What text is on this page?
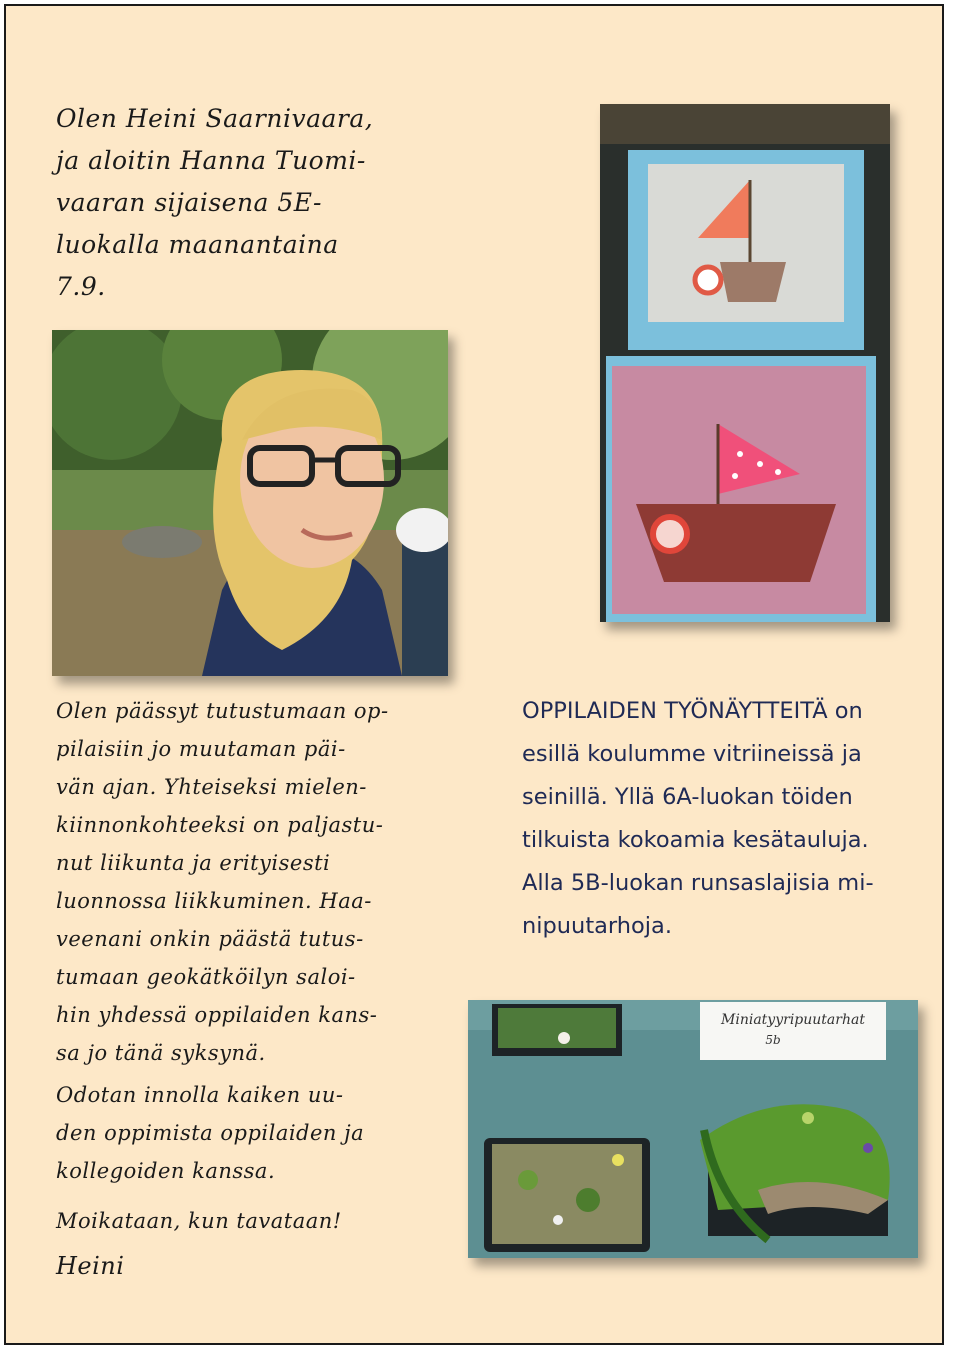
Olen Heini Saarnivaara,
ja aloitin Hanna Tuomi-
vaaran sijaisena 5E-
luokalla maanantaina
7.9.

Olen päässyt tutustumaan op-
pilaisiin jo muutaman päi-
vän ajan. Yhteiseksi mielen-
kiinnonkohteeksi on paljastu-
nut liikunta ja erityisesti
luonnossa liikkuminen. Haa-
veenani onkin päästä tutus-
tumaan geokätköilyn saloi-
hin yhdessä oppilaiden kans-
sa jo tänä syksynä.

Odotan innolla kaiken uu-
den oppimista oppilaiden ja
kollegoiden kanssa.

Moikataan, kun tavataan!

Heini

OPPILAIDEN TYÖNÄYTTEITÄ on
esillä koulumme vitriineissä ja
seinillä. Yllä 6A-luokan töiden
tilkuista kokoamia kesätauluja.
Alla 5B-luokan runsaslajisia mi-
nipuutarhoja.

Miniatyyripuutarhat
5b
